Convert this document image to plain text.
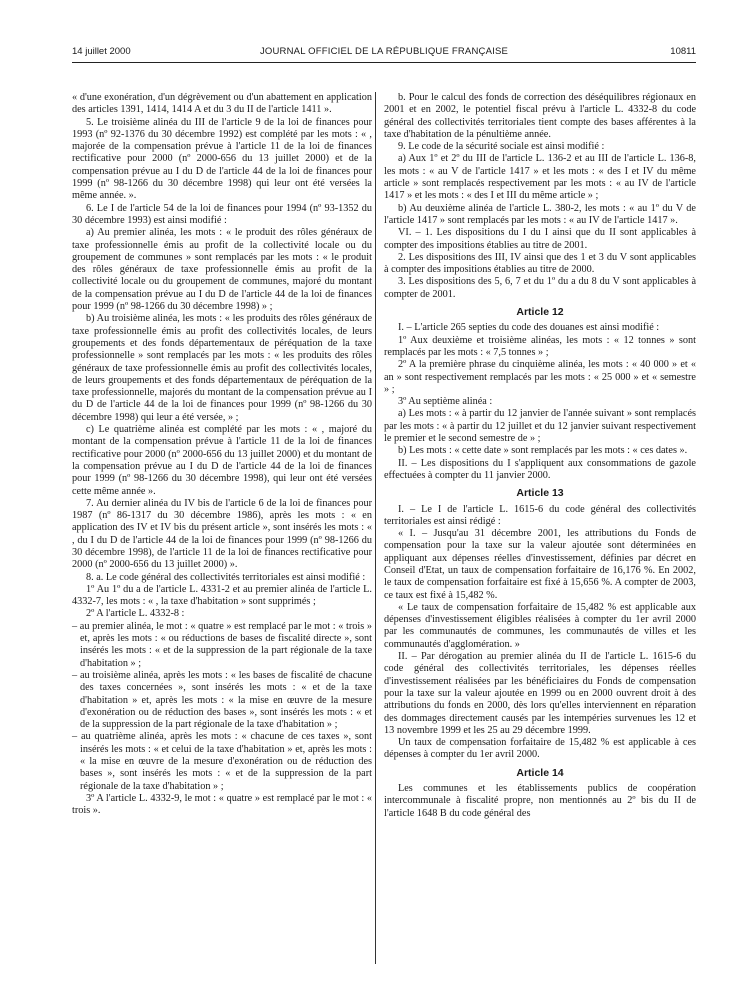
14 juillet 2000	JOURNAL OFFICIEL DE LA RÉPUBLIQUE FRANÇAISE	10811

« d'une exonération, d'un dégrèvement ou d'un abattement en application des articles 1391, 1414, 1414 A et du 3 du II de l'article 1411 ».

5. Le troisième alinéa du III de l'article 9 de la loi de finances pour 1993 (nº 92-1376 du 30 décembre 1992) est complété par les mots : « , majorée de la compensation prévue à l'article 11 de la loi de finances rectificative pour 2000 (nº 2000-656 du 13 juillet 2000) et de la compensation prévue au I du D de l'article 44 de la loi de finances pour 1999 (nº 98-1266 du 30 décembre 1998) qui leur ont été versées la même année. ».

6. Le I de l'article 54 de la loi de finances pour 1994 (nº 93-1352 du 30 décembre 1993) est ainsi modifié :

a) Au premier alinéa, les mots : « le produit des rôles généraux de taxe professionnelle émis au profit de la collectivité locale ou du groupement de communes » sont remplacés par les mots : « le produit des rôles généraux de taxe professionnelle émis au profit de la collectivité locale ou du groupement de communes, majoré du montant de la compensation prévue au I du D de l'article 44 de la loi de finances pour 1999 (nº 98-1266 du 30 décembre 1998) » ;

b) Au troisième alinéa, les mots : « les produits des rôles généraux de taxe professionnelle émis au profit des collectivités locales, de leurs groupements et des fonds départementaux de péréquation de la taxe professionnelle » sont remplacés par les mots : « les produits des rôles généraux de taxe professionnelle émis au profit des collectivités locales, de leurs groupements et des fonds départementaux de péréquation de la taxe professionnelle, majorés du montant de la compensation prévue au I du D de l'article 44 de la loi de finances pour 1999 (nº 98-1266 du 30 décembre 1998) qui leur a été versée, » ;

c) Le quatrième alinéa est complété par les mots : « , majoré du montant de la compensation prévue à l'article 11 de la loi de finances rectificative pour 2000 (nº 2000-656 du 13 juillet 2000) et du montant de la compensation prévue au I du D de l'article 44 de la loi de finances pour 1999 (nº 98-1266 du 30 décembre 1998), qui leur ont été versées cette même année ».

7. Au dernier alinéa du IV bis de l'article 6 de la loi de finances pour 1987 (nº 86-1317 du 30 décembre 1986), après les mots : « en application des IV et IV bis du présent article », sont insérés les mots : « , du I du D de l'article 44 de la loi de finances pour 1999 (nº 98-1266 du 30 décembre 1998), de l'article 11 de la loi de finances rectificative pour 2000 (nº 2000-656 du 13 juillet 2000) ».

8. a. Le code général des collectivités territoriales est ainsi modifié :

1º Au 1º du a de l'article L. 4331-2 et au premier alinéa de l'article L. 4332-7, les mots : « , la taxe d'habitation » sont supprimés ;

2º A l'article L. 4332-8 :

– au premier alinéa, le mot : « quatre » est remplacé par le mot : « trois » et, après les mots : « ou réductions de bases de fiscalité directe », sont insérés les mots : « et de la suppression de la part régionale de la taxe d'habitation » ;

– au troisième alinéa, après les mots : « les bases de fiscalité de chacune des taxes concernées », sont insérés les mots : « et de la taxe d'habitation » et, après les mots : « la mise en œuvre de la mesure d'exonération ou de réduction des bases », sont insérés les mots : « et de la suppression de la part régionale de la taxe d'habitation » ;

– au quatrième alinéa, après les mots : « chacune de ces taxes », sont insérés les mots : « et celui de la taxe d'habitation » et, après les mots : « la mise en œuvre de la mesure d'exonération ou de réduction des bases », sont insérés les mots : « et de la suppression de la part régionale de la taxe d'habitation » ;

3º A l'article L. 4332-9, le mot : « quatre » est remplacé par le mot : « trois ».

b. Pour le calcul des fonds de correction des déséquilibres régionaux en 2001 et en 2002, le potentiel fiscal prévu à l'article L. 4332-8 du code général des collectivités territoriales tient compte des bases afférentes à la taxe d'habitation de la pénultième année.

9. Le code de la sécurité sociale est ainsi modifié :

a) Aux 1º et 2º du III de l'article L. 136-2 et au III de l'article L. 136-8, les mots : « au V de l'article 1417 » et les mots : « des I et IV du même article » sont remplacés respectivement par les mots : « au IV de l'article 1417 » et les mots : « des I et III du même article » ;

b) Au deuxième alinéa de l'article L. 380-2, les mots : « au 1º du V de l'article 1417 » sont remplacés par les mots : « au IV de l'article 1417 ».

VI. – 1. Les dispositions du I du I ainsi que du II sont applicables à compter des impositions établies au titre de 2001.

2. Les dispositions des III, IV ainsi que des 1 et 3 du V sont applicables à compter des impositions établies au titre de 2000.

3. Les dispositions des 5, 6, 7 et du 1º du a du 8 du V sont applicables à compter de 2001.

Article 12

I. – L'article 265 septies du code des douanes est ainsi modifié :

1º Aux deuxième et troisième alinéas, les mots : « 12 tonnes » sont remplacés par les mots : « 7,5 tonnes » ;

2º A la première phrase du cinquième alinéa, les mots : « 40 000 » et « an » sont respectivement remplacés par les mots : « 25 000 » et « semestre » ;

3º Au septième alinéa :

a) Les mots : « à partir du 12 janvier de l'année suivant » sont remplacés par les mots : « à partir du 12 juillet et du 12 janvier suivant respectivement le premier et le second semestre de » ;

b) Les mots : « cette date » sont remplacés par les mots : « ces dates ».

II. – Les dispositions du I s'appliquent aux consommations de gazole effectuées à compter du 11 janvier 2000.

Article 13

I. – Le I de l'article L. 1615-6 du code général des collectivités territoriales est ainsi rédigé :

« I. – Jusqu'au 31 décembre 2001, les attributions du Fonds de compensation pour la taxe sur la valeur ajoutée sont déterminées en appliquant aux dépenses réelles d'investissement, définies par décret en Conseil d'Etat, un taux de compensation forfaitaire de 16,176 %. En 2002, le taux de compensation forfaitaire est fixé à 15,656 %. A compter de 2003, ce taux est fixé à 15,482 %.

« Le taux de compensation forfaitaire de 15,482 % est applicable aux dépenses d'investissement éligibles réalisées à compter du 1er avril 2000 par les communautés de communes, les communautés de villes et les communautés d'agglomération. »

II. – Par dérogation au premier alinéa du II de l'article L. 1615-6 du code général des collectivités territoriales, les dépenses réelles d'investissement réalisées par les bénéficiaires du Fonds de compensation pour la taxe sur la valeur ajoutée en 1999 ou en 2000 ouvrent droit à des attributions du fonds en 2000, dès lors qu'elles interviennent en réparation des dommages directement causés par les intempéries survenues les 12 et 13 novembre 1999 et les 25 au 29 décembre 1999.

Un taux de compensation forfaitaire de 15,482 % est applicable à ces dépenses à compter du 1er avril 2000.

Article 14

Les communes et les établissements publics de coopération intercommunale à fiscalité propre, non mentionnés au 2º bis du II de l'article 1648 B du code général des
